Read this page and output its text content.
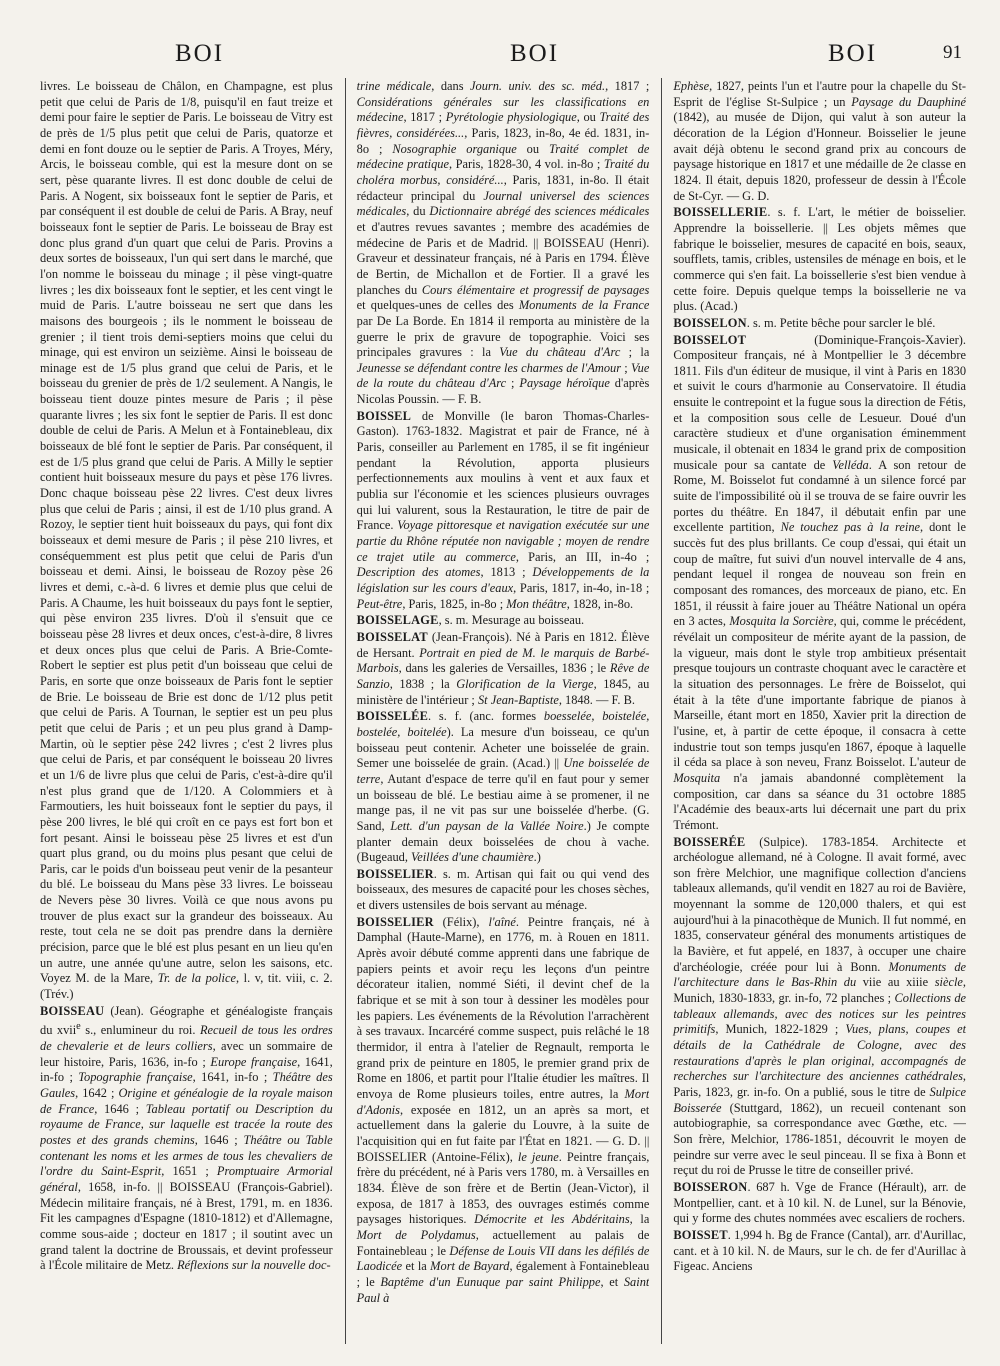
BOI	BOI	BOI	91

livres. Le boisseau de Châlon, en Champagne, est plus petit que celui de Paris de 1/8, puisqu'il en faut treize et demi pour faire le septier de Paris. Le boisseau de Vitry est de près de 1/5 plus petit que celui de Paris, quatorze et demi en font douze ou le septier de Paris. A Troyes, Méry, Arcis, le boisseau comble, qui est la mesure dont on se sert, pèse quarante livres. Il est donc double de celui de Paris. A Nogent, six boisseaux font le septier de Paris, et par conséquent il est double de celui de Paris. A Bray, neuf boisseaux font le septier de Paris. Le boisseau de Bray est donc plus grand d'un quart que celui de Paris. Provins a deux sortes de boisseaux, l'un qui sert dans le marché, que l'on nomme le boisseau du minage ; il pèse vingt-quatre livres ; les dix boisseaux font le septier, et les cent vingt le muid de Paris. L'autre boisseau ne sert que dans les maisons des bourgeois ; ils le nomment le boisseau de grenier ; il tient trois demi-septiers moins que celui du minage, qui est environ un seizième. Ainsi le boisseau de minage est de 1/5 plus grand que celui de Paris, et le boisseau du grenier de près de 1/2 seulement. A Nangis, le boisseau tient douze pintes mesure de Paris ; il pèse quarante livres ; les six font le septier de Paris. Il est donc double de celui de Paris. A Melun et à Fontainebleau, dix boisseaux de blé font le septier de Paris. Par conséquent, il est de 1/5 plus grand que celui de Paris. A Milly le septier contient huit boisseaux mesure du pays et pèse 176 livres. Donc chaque boisseau pèse 22 livres. C'est deux livres plus que celui de Paris ; ainsi, il est de 1/10 plus grand. A Rozoy, le septier tient huit boisseaux du pays, qui font dix boisseaux et demi mesure de Paris ; il pèse 210 livres, et conséquemment est plus petit que celui de Paris d'un boisseau et demi. Ainsi, le boisseau de Rozoy pèse 26 livres et demi, c.-à-d. 6 livres et demie plus que celui de Paris. A Chaume, les huit boisseaux du pays font le septier, qui pèse environ 235 livres. D'où il s'ensuit que ce boisseau pèse 28 livres et deux onces, c'est-à-dire, 8 livres et deux onces plus que celui de Paris. A Brie-Comte-Robert le septier est plus petit d'un boisseau que celui de Paris, en sorte que onze boisseaux de Paris font le septier de Brie. Le boisseau de Brie est donc de 1/12 plus petit que celui de Paris. A Tournan, le septier est un peu plus petit que celui de Paris ; et un peu plus grand à Damp-Martin, où le septier pèse 242 livres ; c'est 2 livres plus que celui de Paris, et par conséquent le boisseau 20 livres et un 1/6 de livre plus que celui de Paris, c'est-à-dire qu'il n'est plus grand que de 1/120. A Colommiers et à Farmoutiers, les huit boisseaux font le septier du pays, il pèse 200 livres, le blé qui croît en ce pays est fort bon et fort pesant. Ainsi le boisseau pèse 25 livres et est d'un quart plus grand, ou du moins plus pesant que celui de Paris, car le poids d'un boisseau peut venir de la pesanteur du blé. Le boisseau du Mans pèse 33 livres. Le boisseau de Nevers pèse 30 livres. Voilà ce que nous avons pu trouver de plus exact sur la grandeur des boisseaux. Au reste, tout cela ne se doit pas prendre dans la dernière précision, parce que le blé est plus pesant en un lieu qu'en un autre, une année qu'une autre, selon les saisons, etc. Voyez M. de la Mare, Tr. de la police, l. v, tit. viii, c. 2. (Trév.)

BOISSEAU (Jean). Géographe et généalogiste français du xvii$^e$ s., enlumineur du roi. Recueil de tous les ordres de chevalerie et de leurs colliers, avec un sommaire de leur histoire, Paris, 1636, in-fo ; Europe française, 1641, in-fo ; Topographie française, 1641, in-fo ; Théâtre des Gaules, 1642 ; Origine et généalogie de la royale maison de France, 1646 ; Tableau portatif ou Description du royaume de France, sur laquelle est tracée la route des postes et des grands chemins, 1646 ; Théâtre ou Table contenant les noms et les armes de tous les chevaliers de l'ordre du Saint-Esprit, 1651 ; Promptuaire Armorial général, 1658, in-fo. || BOISSEAU (François-Gabriel). Médecin militaire français, né à Brest, 1791, m. en 1836. Fit les campagnes d'Espagne (1810-1812) et d'Allemagne, comme sous-aide ; docteur en 1817 ; il soutint avec un grand talent la doctrine de Broussais, et devint professeur à l'École militaire de Metz. Réflexions sur la nouvelle doc-

trine médicale, dans Journ. univ. des sc. méd., 1817 ; Considérations générales sur les classifications en médecine, 1817 ; Pyrétologie physiologique, ou Traité des fièvres, considérées..., Paris, 1823, in-8o, 4e éd. 1831, in-8o ; Nosographie organique ou Traité complet de médecine pratique, Paris, 1828-30, 4 vol. in-8o ; Traité du choléra morbus, considéré..., Paris, 1831, in-8o. Il était rédacteur principal du Journal universel des sciences médicales, du Dictionnaire abrégé des sciences médicales et d'autres revues savantes ; membre des académies de médecine de Paris et de Madrid. || BOISSEAU (Henri). Graveur et dessinateur français, né à Paris en 1794. Élève de Bertin, de Michallon et de Fortier. Il a gravé les planches du Cours élémentaire et progressif de paysages et quelques-unes de celles des Monuments de la France par De La Borde. En 1814 il remporta au ministère de la guerre le prix de gravure de topographie. Voici ses principales gravures : la Vue du château d'Arc ; la Jeunesse se défendant contre les charmes de l'Amour ; Vue de la route du château d'Arc ; Paysage héroïque d'après Nicolas Poussin. — F. B.

BOISSEL de Monville (le baron Thomas-Charles-Gaston). 1763-1832. Magistrat et pair de France, né à Paris, conseiller au Parlement en 1785, il se fit ingénieur pendant la Révolution, apporta plusieurs perfectionnements aux moulins à vent et aux faux et publia sur l'économie et les sciences plusieurs ouvrages qui lui valurent, sous la Restauration, le titre de pair de France. Voyage pittoresque et navigation exécutée sur une partie du Rhône réputée non navigable ; moyen de rendre ce trajet utile au commerce, Paris, an III, in-4o ; Description des atomes, 1813 ; Développements de la législation sur les cours d'eaux, Paris, 1817, in-4o, in-18 ; Peut-être, Paris, 1825, in-8o ; Mon théâtre, 1828, in-8o.

BOISSELAGE, s. m. Mesurage au boisseau.

BOISSELAT (Jean-François). Né à Paris en 1812. Élève de Hersant. Portrait en pied de M. le marquis de Barbé-Marbois, dans les galeries de Versailles, 1836 ; le Rêve de Sanzio, 1838 ; la Glorification de la Vierge, 1845, au ministère de l'intérieur ; St Jean-Baptiste, 1848. — F. B.

BOISSELÉE. s. f. (anc. formes boesselée, boistelée, bostelée, boitelée). La mesure d'un boisseau, ce qu'un boisseau peut contenir. Acheter une boisselée de grain. Semer une boisselée de grain. (Acad.) || Une boisselée de terre, Autant d'espace de terre qu'il en faut pour y semer un boisseau de blé. Le bestiau aime à se promener, il ne mange pas, il ne vit pas sur une boisselée d'herbe. (G. Sand, Lett. d'un paysan de la Vallée Noire.) Je compte planter demain deux boisselées de chou à vache. (Bugeaud, Veillées d'une chaumière.)

BOISSELIER. s. m. Artisan qui fait ou qui vend des boisseaux, des mesures de capacité pour les choses sèches, et divers ustensiles de bois servant au ménage.

BOISSELIER (Félix), l'aîné. Peintre français, né à Damphal (Haute-Marne), en 1776, m. à Rouen en 1811. Après avoir débuté comme apprenti dans une fabrique de papiers peints et avoir reçu les leçons d'un peintre décorateur italien, nommé Siéti, il devint chef de la fabrique et se mit à son tour à dessiner les modèles pour les papiers. Les événements de la Révolution l'arrachèrent à ses travaux. Incarcéré comme suspect, puis relâché le 18 thermidor, il entra à l'atelier de Regnault, remporta le grand prix de peinture en 1805, le premier grand prix de Rome en 1806, et partit pour l'Italie étudier les maîtres. Il envoya de Rome plusieurs toiles, entre autres, la Mort d'Adonis, exposée en 1812, un an après sa mort, et actuellement dans la galerie du Louvre, à la suite de l'acquisition qui en fut faite par l'État en 1821. — G. D. || BOISSELIER (Antoine-Félix), le jeune. Peintre français, frère du précédent, né à Paris vers 1780, m. à Versailles en 1834. Élève de son frère et de Bertin (Jean-Victor), il exposa, de 1817 à 1853, des ouvrages estimés comme paysages historiques. Démocrite et les Abdéritains, la Mort de Polydamus, actuellement au palais de Fontainebleau ; le Défense de Louis VII dans les défilés de Laodicée et la Mort de Bayard, également à Fontainebleau ; le Baptême d'un Eunuque par saint Philippe, et Saint Paul à

Ephèse, 1827, peints l'un et l'autre pour la chapelle du St-Esprit de l'église St-Sulpice ; un Paysage du Dauphiné (1842), au musée de Dijon, qui valut à son auteur la décoration de la Légion d'Honneur. Boisselier le jeune avait déjà obtenu le second grand prix au concours de paysage historique en 1817 et une médaille de 2e classe en 1824. Il était, depuis 1820, professeur de dessin à l'École de St-Cyr. — G. D.

BOISSELLERIE. s. f. L'art, le métier de boisselier. Apprendre la boissellerie. || Les objets mêmes que fabrique le boisselier, mesures de capacité en bois, seaux, soufflets, tamis, cribles, ustensiles de ménage en bois, et le commerce qui s'en fait. La boissellerie s'est bien vendue à cette foire. Depuis quelque temps la boissellerie ne va plus. (Acad.)

BOISSELON. s. m. Petite bêche pour sarcler le blé.

BOISSELOT (Dominique-François-Xavier). Compositeur français, né à Montpellier le 3 décembre 1811. Fils d'un éditeur de musique, il vint à Paris en 1830 et suivit le cours d'harmonie au Conservatoire. Il étudia ensuite le contrepoint et la fugue sous la direction de Fétis, et la composition sous celle de Lesueur. Doué d'un caractère studieux et d'une organisation éminemment musicale, il obtenait en 1834 le grand prix de composition musicale pour sa cantate de Velléda. A son retour de Rome, M. Boisselot fut condamné à un silence forcé par suite de l'impossibilité où il se trouva de se faire ouvrir les portes du théâtre. En 1847, il débutait enfin par une excellente partition, Ne touchez pas à la reine, dont le succès fut des plus brillants. Ce coup d'essai, qui était un coup de maître, fut suivi d'un nouvel intervalle de 4 ans, pendant lequel il rongea de nouveau son frein en composant des romances, des morceaux de piano, etc. En 1851, il réussit à faire jouer au Théâtre National un opéra en 3 actes, Mosquita la Sorcière, qui, comme le précédent, révélait un compositeur de mérite ayant de la passion, de la vigueur, mais dont le style trop ambitieux présentait presque toujours un contraste choquant avec le caractère et la situation des personnages. Le frère de Boisselot, qui était à la tête d'une importante fabrique de pianos à Marseille, étant mort en 1850, Xavier prit la direction de l'usine, et, à partir de cette époque, il consacra à cette industrie tout son temps jusqu'en 1867, époque à laquelle il céda sa place à son neveu, Franz Boisselot. L'auteur de Mosquita n'a jamais abandonné complètement la composition, car dans sa séance du 31 octobre 1885 l'Académie des beaux-arts lui décernait une part du prix Trémont.

BOISSERÉE (Sulpice). 1783-1854. Architecte et archéologue allemand, né à Cologne. Il avait formé, avec son frère Melchior, une magnifique collection d'anciens tableaux allemands, qu'il vendit en 1827 au roi de Bavière, moyennant la somme de 120,000 thalers, et qui est aujourd'hui à la pinacothèque de Munich. Il fut nommé, en 1835, conservateur général des monuments artistiques de la Bavière, et fut appelé, en 1837, à occuper une chaire d'archéologie, créée pour lui à Bonn. Monuments de l'architecture dans le Bas-Rhin du viie au xiiie siècle, Munich, 1830-1833, gr. in-fo, 72 planches ; Collections de tableaux allemands, avec des notices sur les peintres primitifs, Munich, 1822-1829 ; Vues, plans, coupes et détails de la Cathédrale de Cologne, avec des restaurations d'après le plan original, accompagnés de recherches sur l'architecture des anciennes cathédrales, Paris, 1823, gr. in-fo. On a publié, sous le titre de Sulpice Boisserée (Stuttgard, 1862), un recueil contenant son autobiographie, sa correspondance avec Gœthe, etc. — Son frère, Melchior, 1786-1851, découvrit le moyen de peindre sur verre avec le seul pinceau. Il se fixa à Bonn et reçut du roi de Prusse le titre de conseiller privé.

BOISSERON. 687 h. Vge de France (Hérault), arr. de Montpellier, cant. et à 10 kil. N. de Lunel, sur la Bénovie, qui y forme des chutes nommées avec escaliers de rochers.

BOISSET. 1,994 h. Bg de France (Cantal), arr. d'Aurillac, cant. et à 10 kil. N. de Maurs, sur le ch. de fer d'Aurillac à Figeac. Anciens
